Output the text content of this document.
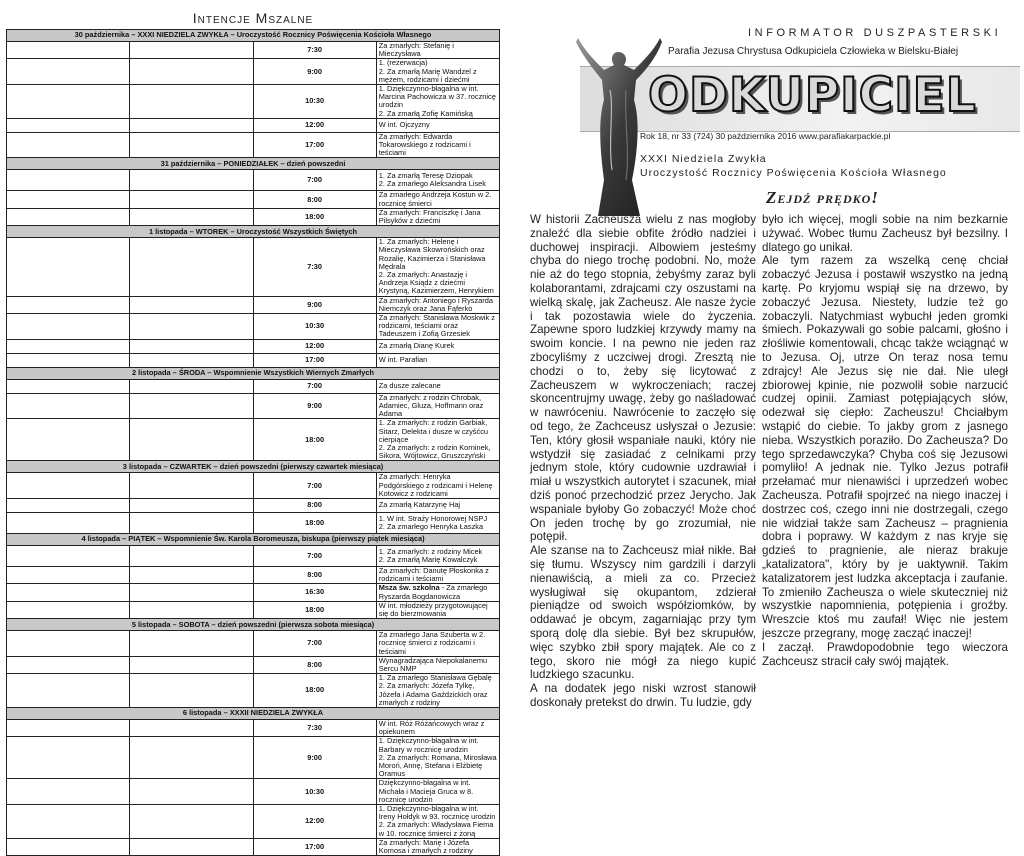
Intencje Mszalne
30 października – XXXI NIEDZIELA ZWYKŁA – Uroczystość Rocznicy Poświęcenia Kościoła Własnego			
		7:30	Za zmarłych: Stefanię i Mieczysława
		9:00	1. (rezerwacja)
2. Za zmarłą Marię Wandzel z mężem, rodzicami i dziećmi
		10:30	1. Dziękczynno-błagalna w int. Marcina Pachowicza w 37. rocznicę urodzin
2. Za zmarłą Zofię Kamińską
		12:00	W int. Ojczyzny
		17:00	Za zmarłych: Edwarda Tokarowskiego z rodzicami i teściami
31 października – PONIEDZIAŁEK – dzień powszedni			
		7:00	1. Za zmarłą Teresę Dziopak
2. Za zmarłego Aleksandra Lisek
		8:00	Za zmarłego Andrzeja Kostun w 2. rocznicę śmierci
		18:00	Za zmarłych: Franciszkę i Jana Pilsyków z dziećmi
1 listopada – WTOREK – Uroczystość Wszystkich Świętych			
		7:30	1. Za zmarłych: Helenę i Mieczysława Skowrońskich oraz Rozalię, Kazimierza i Stanisława Mędrala
2. Za zmarłych: Anastazję i Andrzeja Ksiądz z dziećmi Krystyną, Kazimierzem, Henrykiem
		9:00	Za zmarłych: Antoniego i Ryszarda Niemczyk oraz Jana Fąferko
		10:30	Za zmarłych: Stanisława Moskwik z rodzicami, teściami oraz Tadeuszem i Zofią Grzesiek
		12:00	Za zmarłą Dianę Kurek
		17:00	W int. Parafian
2 listopada – ŚRODA – Wspomnienie Wszystkich Wiernych Zmarłych			
		7:00	Za dusze zalecane
		9:00	Za zmarłych: z rodzin Chrobak, Adamiec, Gluza, Hoffmann oraz Adama
		18:00	1. Za zmarłych: z rodzin Garbiak, Sitarz, Delekta i dusze w czyśćcu cierpiące
2. Za zmarłych: z rodzin Korninek, Sikora, Wójtowicz, Gruszczyński
3 listopada – CZWARTEK – dzień powszedni (pierwszy czwartek miesiąca)			
		7:00	Za zmarłych: Henryka Podgórskiego z rodzicami i Helenę Kotowicz z rodzicami
		8:00	Za zmarłą Katarzynę Haj
		18:00	1. W int. Straży Honorowej NSPJ
2. Za zmarłego Henryka Łaszka
4 listopada – PIĄTEK – Wspomnienie Św. Karola Boromeusza, biskupa (pierwszy piątek miesiąca)			
		7:00	1. Za zmarłych: z rodziny Micek
2. Za zmarłą Marię Kowalczyk
		8:00	Za zmarłych: Danutę Płoskonka z rodzicami i teściami
		16:30	Msza św. szkolna - Za zmarłego Ryszarda Bogdanowicza
		18:00	W int. młodzieży przygotowującej się do bierzmowania
5 listopada – SOBOTA – dzień powszedni (pierwsza sobota miesiąca)			
		7:00	Za zmarłego Jana Szuberta w 2. rocznicę śmierci z rodzicami i teściami
		8:00	Wynagradzająca Niepokalanemu Sercu NMP
		18:00	1. Za zmarłego Stanisława Gębalę
2. Za zmarłych: Józefa Tylkę, Józefa i Adama Gaździckich oraz zmarłych z rodziny
6 listopada – XXXII NIEDZIELA ZWYKŁA			
		7:30	W int. Róż Różańcowych wraz z opiekunem
		9:00	1. Dziękczynno-błagalna w int. Barbary w rocznicę urodzin
2. Za zmarłych: Romana, Mirosława Moroń, Annę, Stefana i Elżbietę Oramus
		10:30	Dziękczynno-błagalna w int. Michała i Macieja Gruca w 8. rocznicę urodzin
		12:00	1. Dziękczynno-błagalna w int. Ireny Hołdyk w 93. rocznicę urodzin
2. Za zmarłych: Władysława Fiema w 10. rocznicę śmierci z żoną
		17:00	Za zmarłych: Marię i Józefa Komosa i zmarłych z rodziny
INFORMATOR DUSZPASTERSKI
Parafia Jezusa Chrystusa Odkupiciela Człowieka w Bielsku-Białej
ODKUPICIEL
Rok 18, nr 33 (724) 30 października 2016 www.parafiakarpackie.pl
XXXI Niedziela Zwykła
Uroczystość Rocznicy Poświęcenia Kościoła Własnego
Zejdź prędko!
W historii Zacheusza wielu z nas mogłoby znaleźć dla siebie obfite źródło nadziei i duchowej inspiracji. Albowiem jesteśmy chyba do niego trochę podobni. No, może nie aż do tego stopnia, żebyśmy zaraz byli kolaborantami, zdrajcami czy oszustami na wielką skalę, jak Zacheusz. Ale nasze życie i tak pozostawia wiele do życzenia. Zapewne sporo ludzkiej krzywdy mamy na swoim koncie. I na pewno nie jeden raz zbocyliśmy z uczciwej drogi. Zresztą nie chodzi o to, żeby się licytować z Zacheuszem w wykroczeniach; raczej skoncentrujmy uwagę, żeby go naśladować w nawróceniu. Nawrócenie to zaczęło się od tego, że Zachceusz usłyszał o Jezusie: Ten, który głosił wspaniałe nauki, który nie wstydził się zasiadać z celnikami przy jednym stole, który cudownie uzdrawiał i miał u wszystkich autorytet i szacunek, miał dziś ponoć przechodzić przez Jerycho. Jak wspaniale byłoby Go zobaczyć! Może choć On jeden trochę by go zrozumiał, nie potępił.
Ale szanse na to Zachceusz miał nikłe. Bał się tłumu. Wszyscy nim gardzili i darzyli nienawiścią, a mieli za co. Przecież wysługiwał się okupantom, zdzierał pieniądze od swoich współziomków, by oddawać je obcym, zagarniając przy tym sporą dolę dla siebie. Był bez skrupułów, więc szybko zbił spory majątek. Ale co z tego, skoro nie mógł za niego kupić ludzkiego szacunku.
A na dodatek jego niski wzrost stanowił doskonały pretekst do drwin. Tu ludzie, gdy
było ich więcej, mogli sobie na nim bezkarnie używać. Wobec tłumu Zacheusz był bezsilny. I dlatego go unikał.
Ale tym razem za wszelką cenę chciał zobaczyć Jezusa i postawił wszystko na jedną kartę. Po kryjomu wspiął się na drzewo, by zobaczyć Jezusa. Niestety, ludzie też go zobaczyli. Natychmiast wybuchł jeden gromki śmiech. Pokazywali go sobie palcami, głośno i złośliwie komentowali, chcąc także wciągnąć w to Jezusa. Oj, utrze On teraz nosa temu zdrajcy! Ale Jezus się nie dał. Nie uległ zbiorowej kpinie, nie pozwolił sobie narzucić cudzej opinii. Zamiast potępiających słów, odezwał się ciepło: Zacheuszu! Chciałbym wstąpić do ciebie. To jakby grom z jasnego nieba. Wszystkich poraziło. Do Zacheusza? Do tego sprzedawczyka? Chyba coś się Jezusowi pomyliło! A jednak nie. Tylko Jezus potrafił przełamać mur nienawiści i uprzedzeń wobec Zacheusza. Potrafił spojrzeć na niego inaczej i dostrzec coś, czego inni nie dostrzegali, czego nie widział także sam Zacheusz – pragnienia dobra i poprawy. W każdym z nas kryje się gdzieś to pragnienie, ale nieraz brakuje „katalizatora", który by je uaktywnił. Takim katalizatorem jest ludzka akceptacja i zaufanie. To zmieniło Zacheusza o wiele skuteczniej niż wszystkie napomnienia, potępienia i groźby. Wreszcie ktoś mu zaufał! Więc nie jestem jeszcze przegrany, mogę zacząć inaczej!
I zaczął. Prawdopodobnie tego wieczora Zachceusz stracił cały swój majątek.
